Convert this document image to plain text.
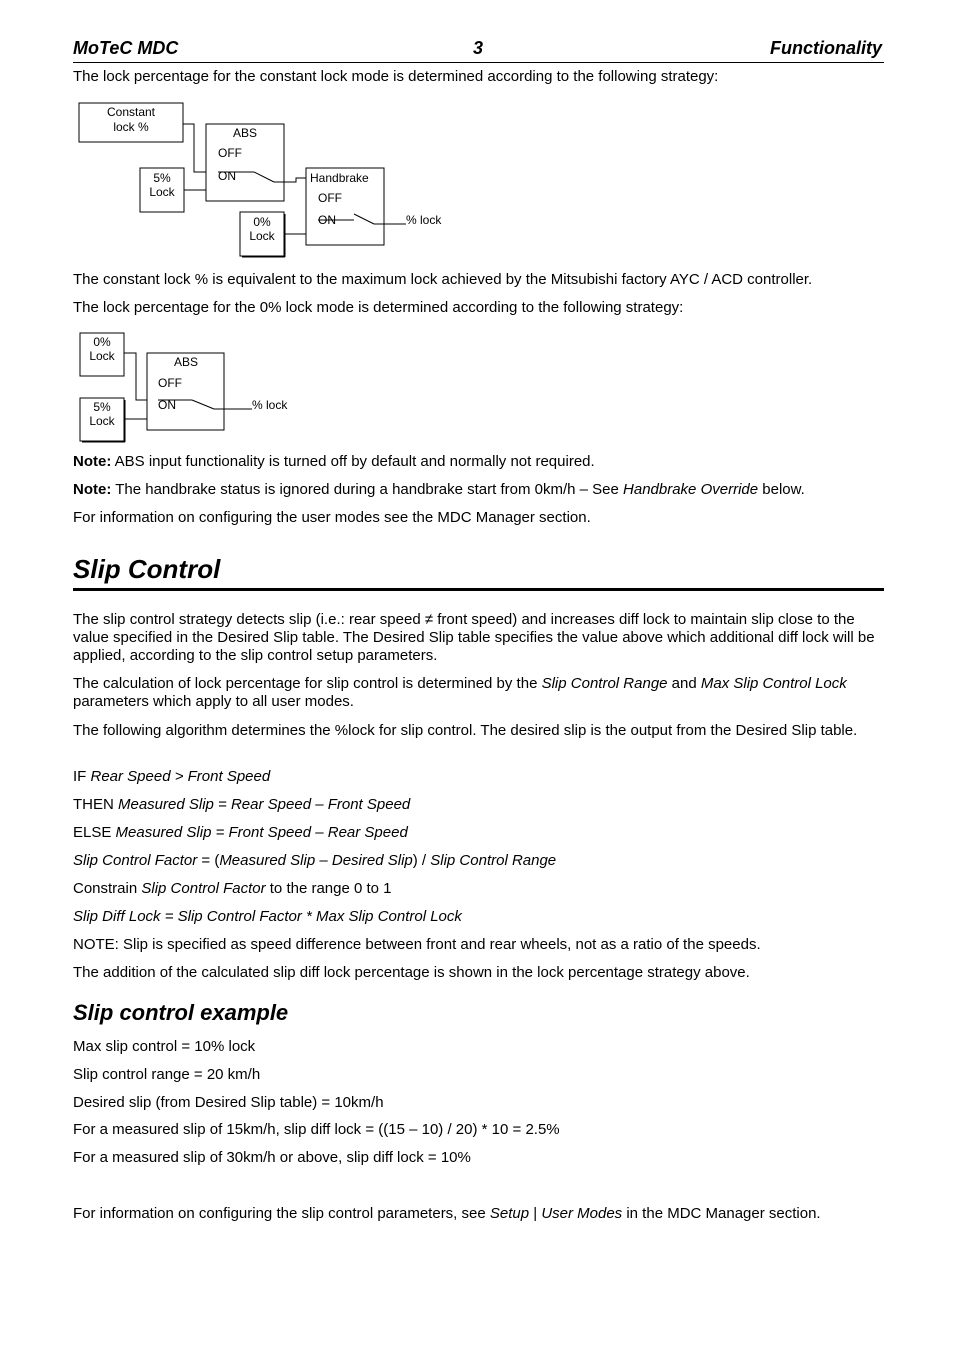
MoTeC MDC	3	Functionality

The lock percentage for the constant lock mode is determined according to the following strategy:

Constant
lock %
5%
Lock
ABS
OFF
ON
0%
Lock
Handbrake
OFF
ON	% lock

The constant lock % is equivalent to the maximum lock achieved by the Mitsubishi factory AYC / ACD controller.

The lock percentage for the 0% lock mode is determined according to the following strategy:

0%
Lock
5%
Lock
ABS
OFF
ON	% lock

Note: ABS input functionality is turned off by default and normally not required.

Note: The handbrake status is ignored during a handbrake start from 0km/h – See Handbrake Override below.

For information on configuring the user modes see the MDC Manager section.

Slip Control

The slip control strategy detects slip (i.e.: rear speed ≠ front speed) and increases diff lock to maintain slip close to the value specified in the Desired Slip table. The Desired Slip table specifies the value above which additional diff lock will be applied, according to the slip control setup parameters.

The calculation of lock percentage for slip control is determined by the Slip Control Range and Max Slip Control Lock parameters which apply to all user modes.

The following algorithm determines the %lock for slip control. The desired slip is the output from the Desired Slip table.

IF Rear Speed > Front Speed

THEN Measured Slip = Rear Speed – Front Speed

ELSE Measured Slip = Front Speed – Rear Speed

Slip Control Factor = (Measured Slip – Desired Slip) / Slip Control Range

Constrain Slip Control Factor to the range 0 to 1

Slip Diff Lock = Slip Control Factor * Max Slip Control Lock

NOTE: Slip is specified as speed difference between front and rear wheels, not as a ratio of the speeds.

The addition of the calculated slip diff lock percentage is shown in the lock percentage strategy above.

Slip control example

Max slip control = 10% lock

Slip control range = 20 km/h

Desired slip (from Desired Slip table) = 10km/h

For a measured slip of 15km/h, slip diff lock = ((15 – 10) / 20) * 10 = 2.5%

For a measured slip of 30km/h or above, slip diff lock = 10%

For information on configuring the slip control parameters, see Setup | User Modes in the MDC Manager section.
